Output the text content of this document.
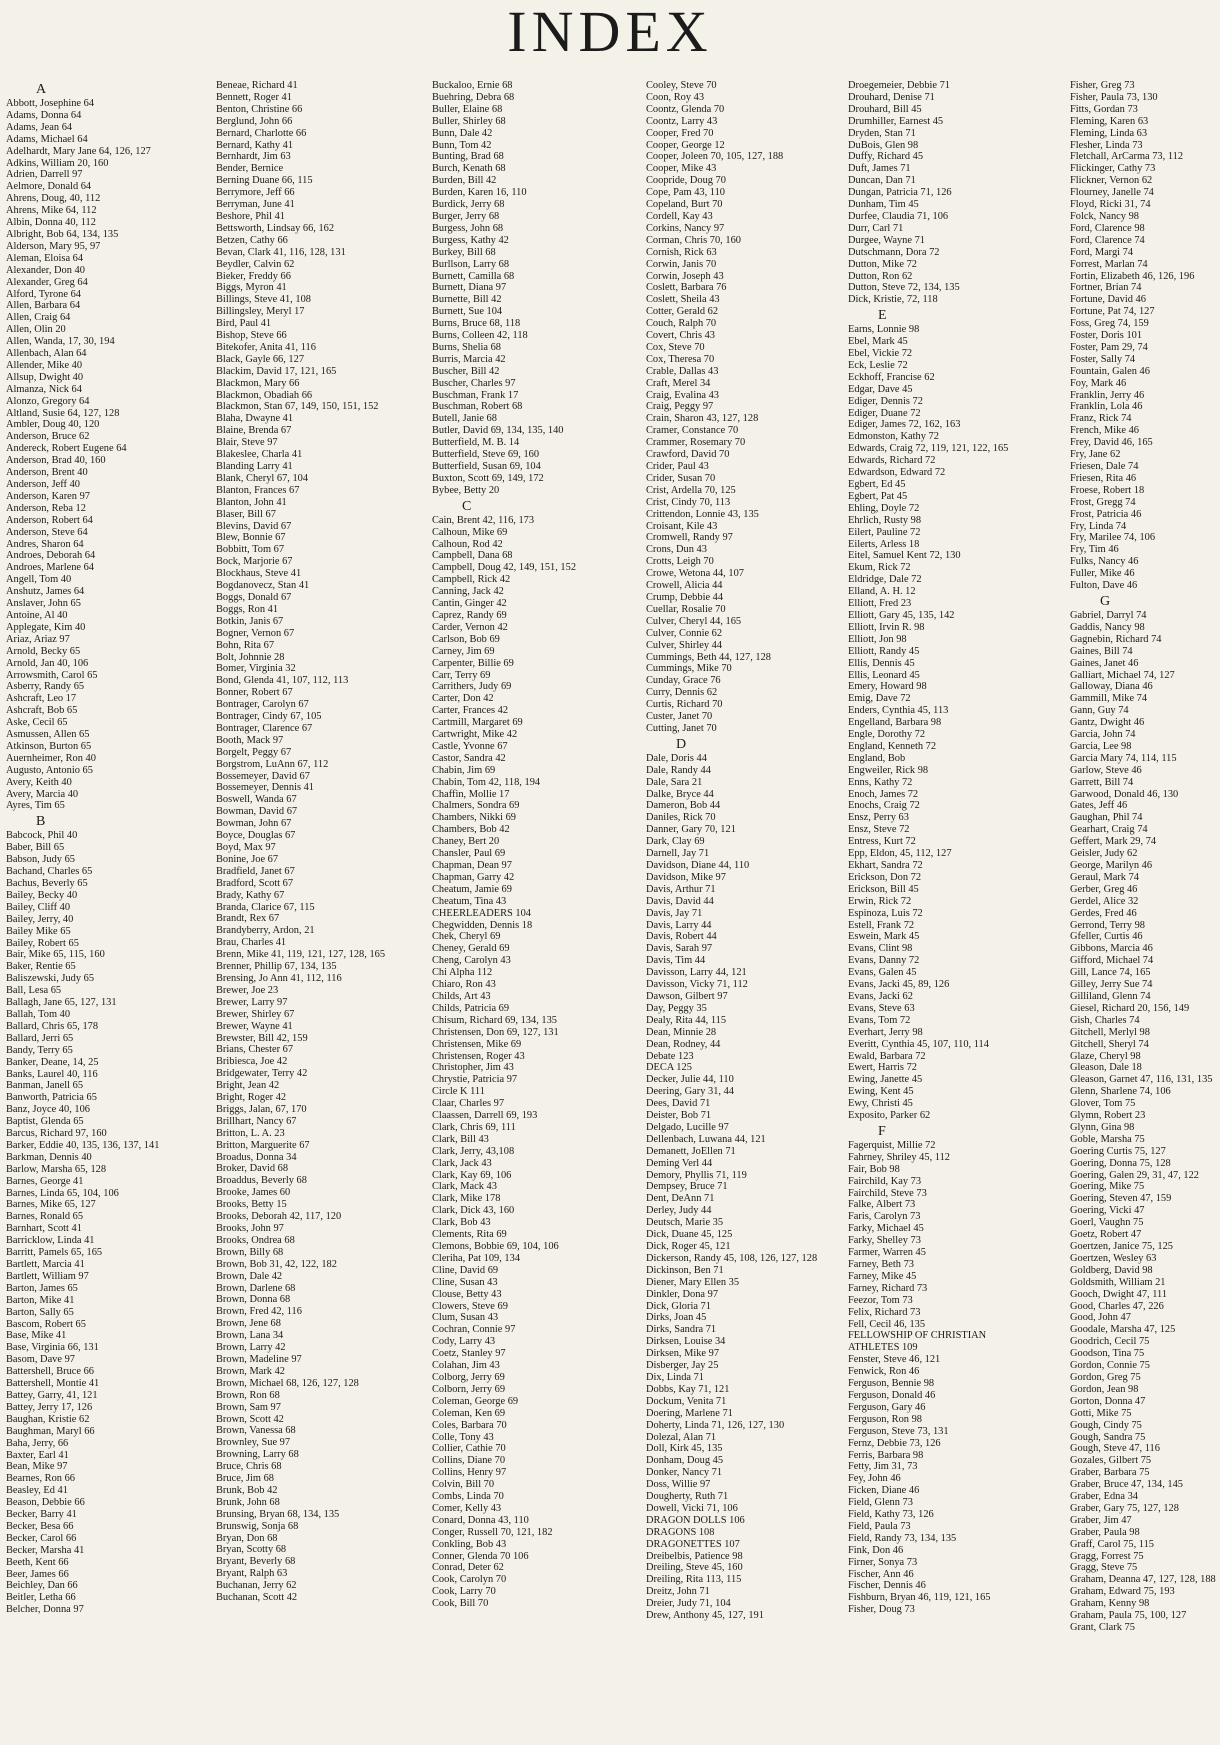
INDEX
A
Abbott, Josephine 64
Adams, Donna 64
Adams, Jean 64
Adams, Michael 64
Adelhardt, Mary Jane 64, 126, 127
Adkins, William 20, 160
Adrien, Darrell 97
Aelmore, Donald 64
Ahrens, Doug, 40, 112
Ahrens, Mike 64, 112
Albin, Donna 40, 112
Albright, Bob 64, 134, 135
Alderson, Mary 95, 97
Aleman, Eloisa 64
Alexander, Don 40
Alexander, Greg 64
Alford, Tyrone 64
Allen, Barbara 64
Allen, Craig 64
Allen, Olin 20
Allen, Wanda, 17, 30, 194
Allenbach, Alan 64
Allender, Mike 40
Allsup, Dwight 40
Almanza, Nick 64
Alonzo, Gregory 64
Altland, Susie 64, 127, 128
Ambler, Doug 40, 120
Anderson, Bruce 62
Andereck, Robert Eugene 64
Anderson, Brad 40, 160
Anderson, Brent 40
Anderson, Jeff 40
Anderson, Karen 97
Anderson, Reba 12
Anderson, Robert 64
Anderson, Steve 64
Andres, Sharon 64
Androes, Deborah 64
Androes, Marlene 64
Angell, Tom 40
Anshutz, James 64
Anslaver, John 65
Antoine, Al 40
Applegate, Kim 40
Ariaz, Ariaz 97
Arnold, Becky 65
Arnold, Jan 40, 106
Arrowsmith, Carol 65
Asberry, Randy 65
Ashcraft, Leo 17
Ashcraft, Bob 65
Aske, Cecil 65
Asmussen, Allen 65
Atkinson, Burton 65
Auernheimer, Ron 40
Augusto, Antonio 65
Avery, Keith 40
Avery, Marcia 40
Ayres, Tim 65
B
Babcock, Phil 40
Baber, Bill 65
Babson, Judy 65
Bachand, Charles 65
Bachus, Beverly 65
Bailey, Becky 40
Bailey, Cliff 40
Bailey, Jerry, 40
Bailey Mike 65
Bailey, Robert 65
Bair, Mike 65, 115, 160
Baker, Rentie 65
Baliszewski, Judy 65
Ball, Lesa 65
Ballagh, Jane 65, 127, 131
Ballah, Tom 40
Ballard, Chris 65, 178
Ballard, Jerri 65
Bandy, Terry 65
Banker, Deane, 14, 25
Banks, Laurel 40, 116
Banman, Janell 65
Banworth, Patricia 65
Banz, Joyce 40, 106
Baptist, Glenda 65
Barcus, Richard 97, 160
Barker, Eddie 40, 135, 136, 137, 141
Barkman, Dennis 40
Barlow, Marsha 65, 128
Barnes, George 41
Barnes, Linda 65, 104, 106
Barnes, Mike 65, 127
Barnes, Ronald 65
Barnhart, Scott 41
Barricklow, Linda 41
Barritt, Pamels 65, 165
Bartlett, Marcia 41
Bartlett, William 97
Barton, James 65
Barton, Mike 41
Barton, Sally 65
Bascom, Robert 65
Base, Mike 41
Base, Virginia 66, 131
Basom, Dave 97
Battershell, Bruce 66
Battershell, Montie 41
Battey, Garry, 41, 121
Battey, Jerry 17, 126
Baughan, Kristie 62
Baughman, Maryl 66
Baha, Jerry, 66
Baxter, Earl 41
Bean, Mike 97
Bearnes, Ron 66
Beasley, Ed 41
Beason, Debbie 66
Becker, Barry 41
Becker, Besa 66
Becker, Carol 66
Becker, Marsha 41
Beeth, Kent 66
Beer, James 66
Beichley, Dan 66
Beitler, Letha 66
Belcher, Donna 97
Beneae, Richard 41
Bennett, Roger 41
Benton, Christine 66
Berglund, John 66
Bernard, Charlotte 66
Bernard, Kathy 41
Bernhardt, Jim 63
Bender, Bernice
Berning Duane 66, 115
Berrymore, Jeff 66
Berryman, June 41
Beshore, Phil 41
Bettsworth, Lindsay 66, 162
Betzen, Cathy 66
Bevan, Clark 41, 116, 128, 131
Beydler, Calvin 62
Bieker, Freddy 66
Biggs, Myron 41
Billings, Steve 41, 108
Billingsley, Meryl 17
Bird, Paul 41
Bishop, Steve 66
Bitekofer, Anita 41, 116
Black, Gayle 66, 127
Blackim, David 17, 121, 165
Blackmon, Mary 66
Blackmon, Obadiah 66
Blackmon, Stan 67, 149, 150, 151, 152
Blaha, Dwayne 41
Blaine, Brenda 67
Blair, Steve 97
Blakeslee, Charla 41
Blanding Larry 41
Blank, Cheryl 67, 104
Blanton, Frances 67
Blanton, John 41
Blaser, Bill 67
Blevins, David 67
Blew, Bonnie 67
Bobbitt, Tom 67
Bock, Marjorie 67
Blockhaus, Steve 41
Bogdanovecz, Stan 41
Boggs, Donald 67
Boggs, Ron 41
Botkin, Janis 67
Bogner, Vernon 67
Bohn, Rita 67
Bolt, Johnnie 28
Bomer, Virginia 32
Bond, Glenda 41, 107, 112, 113
Bonner, Robert 67
Bontrager, Carolyn 67
Bontrager, Cindy 67, 105
Bontrager, Clarence 67
Booth, Mack 97
Borgelt, Peggy 67
Borgstrom, LuAnn 67, 112
Bossemeyer, David 67
Bossemeyer, Dennis 41
Boswell, Wanda 67
Bowman, David 67
Bowman, John 67
Boyce, Douglas 67
Boyd, Max 97
Bonine, Joe 67
Bradfield, Janet 67
Bradford, Scott 67
Brady, Kathy 67
Branda, Clarice 67, 115
Brandt, Rex 67
Brandyberry, Ardon, 21
Brau, Charles 41
Brenn, Mike 41, 119, 121, 127, 128, 165
Brenner, Phillip 67, 134, 135
Brensing, Jo Ann 41, 112, 116
Brewer, Joe 23
Brewer, Larry 97
Brewer, Shirley 67
Brewer, Wayne 41
Brewster, Bill 42, 159
Brians, Chester 67
Bribiesca, Joe 42
Bridgewater, Terry 42
Bright, Jean 42
Bright, Roger 42
Briggs, Jalan, 67, 170
Brillhart, Nancy 67
Britton, L. A. 23
Britton, Marguerite 67
Broadus, Donna 34
Broker, David 68
Broaddus, Beverly 68
Brooke, James 60
Brooks, Betty 15
Brooks, Deborah 42, 117, 120
Brooks, John 97
Brooks, Ondrea 68
Brown, Billy 68
Brown, Bob 31, 42, 122, 182
Brown, Dale 42
Brown, Darlene 68
Brown, Donna 68
Brown, Fred 42, 116
Brown, Jene 68
Brown, Lana 34
Brown, Larry 42
Brown, Madeline 97
Brown, Mark 42
Brown, Michael 68, 126, 127, 128
Brown, Ron 68
Brown, Sam 97
Brown, Scott 42
Brown, Vanessa 68
Brownley, Sue 97
Browning, Larry 68
Bruce, Chris 68
Bruce, Jim 68
Brunk, Bob 42
Brunk, John 68
Brunsing, Bryan 68, 134, 135
Brunswig, Sonja 68
Bryan, Don 68
Bryan, Scotty 68
Bryant, Beverly 68
Bryant, Ralph 63
Buchanan, Jerry 62
Buchanan, Scott 42
Buckaloo, Ernie 68
Buehring, Debra 68
Buller, Elaine 68
Buller, Shirley 68
Bunn, Dale 42
Bunn, Tom 42
Bunting, Brad 68
Burch, Kenath 68
Burden, Bill 42
Burden, Karen 16, 110
Burdick, Jerry 68
Burger, Jerry 68
Burgess, John 68
Burgess, Kathy 42
Burkey, Bill 68
Burllson, Larry 68
Burnett, Camilla 68
Burnett, Diana 97
Burnette, Bill 42
Burnett, Sue 104
Burns, Bruce 68, 118
Burns, Colleen 42, 118
Burns, Shelia 68
Burris, Marcia 42
Buscher, Bill 42
Buscher, Charles 97
Buschman, Frank 17
Buschman, Robert 68
Butell, Janie 68
Butler, David 69, 134, 135, 140
Butterfield, M. B. 14
Butterfield, Steve 69, 160
Butterfield, Susan 69, 104
Buxton, Scott 69, 149, 172
Bybee, Betty 20
C
Cain, Brent 42, 116, 173
Calhoun, Mike 69
Calhoun, Rod 42
Campbell, Dana 68
Campbell, Doug 42, 149, 151, 152
Campbell, Rick 42
Canning, Jack 42
Cantin, Ginger 42
Caprez, Randy 69
Carder, Vernon 42
Carlson, Bob 69
Carney, Jim 69
Carpenter, Billie 69
Carr, Terry 69
Carrithers, Judy 69
Carter, Don 42
Carter, Frances 42
Cartmill, Margaret 69
Cartwright, Mike 42
Castle, Yvonne 67
Castor, Sandra 42
Chabin, Jim 69
Chabin, Tom 42, 118, 194
Chaffin, Mollie 17
Chalmers, Sondra 69
Chambers, Nikki 69
Chambers, Bob 42
Chaney, Bert 20
Chansler, Paul 69
Chapman, Dean 97
Chapman, Garry 42
Cheatum, Jamie 69
Cheatum, Tina 43
CHEERLEADERS 104
Chegwidden, Dennis 18
Chek, Cheryl 69
Cheney, Gerald 69
Cheng, Carolyn 43
Chi Alpha 112
Chiaro, Ron 43
Childs, Art 43
Childs, Patricia 69
Chisum, Richard 69, 134, 135
Christensen, Don 69, 127, 131
Christensen, Mike 69
Christensen, Roger 43
Christopher, Jim 43
Chrystie, Patricia 97
Circle K 111
Claar, Charles 97
Claassen, Darrell 69, 193
Clark, Chris 69, 111
Clark, Bill 43
Clark, Jerry, 43,108
Clark, Jack 43
Clark, Kay 69, 106
Clark, Mack 43
Clark, Mike 178
Clark, Dick 43, 160
Clark, Bob 43
Clements, Rita 69
Clemons, Bobbie 69, 104, 106
Cleriha, Pat 109, 134
Cline, David 69
Cline, Susan 43
Clouse, Betty 43
Clowers, Steve 69
Clum, Susan 43
Cochran, Connie 97
Cody, Larry 43
Coetz, Stanley 97
Colahan, Jim 43
Colborg, Jerry 69
Colborn, Jerry 69
Coleman, George 69
Coleman, Ken 69
Coles, Barbara 70
Colle, Tony 43
Collier, Cathie 70
Collins, Diane 70
Collins, Henry 97
Colvin, Bill 70
Combs, Linda 70
Comer, Kelly 43
Conard, Donna 43, 110
Conger, Russell 70, 121, 182
Conkling, Bob 43
Conner, Glenda 70 106
Conrad, Deter 62
Cook, Carolyn 70
Cook, Larry 70
Cook, Bill 70
Cooley, Steve 70
Coon, Roy 43
Coontz, Glenda 70
Coontz, Larry 43
Cooper, Fred 70
Cooper, George 12
Cooper, Joleen 70, 105, 127, 188
Cooper, Mike 43
Coopride, Doug 70
Cope, Pam 43, 110
Copeland, Burt 70
Cordell, Kay 43
Corkins, Nancy 97
Corman, Chris 70, 160
Cornish, Rick 63
Corwin, Janis 70
Corwin, Joseph 43
Coslett, Barbara 76
Coslett, Sheila 43
Cotter, Gerald 62
Couch, Ralph 70
Covert, Chris 43
Cox, Steve 70
Cox, Theresa 70
Crable, Dallas 43
Craft, Merel 34
Craig, Evalina 43
Craig, Peggy 97
Crain, Sharon 43, 127, 128
Cramer, Constance 70
Crammer, Rosemary 70
Crawford, David 70
Crider, Paul 43
Crider, Susan 70
Crist, Ardella 70, 125
Crist, Cindy 70, 113
Crittendon, Lonnie 43, 135
Croisant, Kile 43
Cromwell, Randy 97
Crons, Dun 43
Crotts, Leigh 70
Crowe, Wetona 44, 107
Crowell, Alicia 44
Crump, Debbie 44
Cuellar, Rosalie 70
Culver, Cheryl 44, 165
Culver, Connie 62
Culver, Shirley 44
Cummings, Beth 44, 127, 128
Cummings, Mike 70
Cunday, Grace 76
Curry, Dennis 62
Curtis, Richard 70
Custer, Janet 70
Cutting, Janet 70
D
Dale, Doris 44
Dale, Randy 44
Dale, Sara 21
Dalke, Bryce 44
Dameron, Bob 44
Daniles, Rick 70
Danner, Gary 70, 121
Dark, Clay 69
Darnell, Jay 71
Davidson, Diane 44, 110
Davidson, Mike 97
Davis, Arthur 71
Davis, David 44
Davis, Jay 71
Davis, Larry 44
Davis, Robert 44
Davis, Sarah 97
Davis, Tim 44
Davisson, Larry 44, 121
Davisson, Vicky 71, 112
Dawson, Gilbert 97
Day, Peggy 35
Dealy, Rita 44, 115
Dean, Minnie 28
Dean, Rodney, 44
Debate 123
DECA 125
Decker, Julie 44, 110
Deering, Gary 31, 44
Dees, David 71
Deister, Bob 71
Delgado, Lucille 97
Dellenbach, Luwana 44, 121
Demanett, JoEllen 71
Deming Verl 44
Demory, Phyllis 71, 119
Dempsey, Bruce 71
Dent, DeAnn 71
Derley, Judy 44
Deutsch, Marie 35
Dick, Duane 45, 125
Dick, Roger 45, 121
Dickerson, Randy 45, 108, 126, 127, 128
Dickinson, Ben 71
Diener, Mary Ellen 35
Dinkler, Dona 97
Dick, Gloria 71
Dirks, Joan 45
Dirks, Sandra 71
Dirksen, Louise 34
Dirksen, Mike 97
Disberger, Jay 25
Dix, Linda 71
Dobbs, Kay 71, 121
Dockum, Venita 71
Doering, Marlene 71
Doherty, Linda 71, 126, 127, 130
Dolezal, Alan 71
Doll, Kirk 45, 135
Donham, Doug 45
Donker, Nancy 71
Doss, Willie 97
Dougherty, Ruth 71
Dowell, Vicki 71, 106
DRAGON DOLLS 106
DRAGONS 108
DRAGONETTES 107
Dreibelbis, Patience 98
Dreiling, Steve 45, 160
Dreiling, Rita 113, 115
Dreitz, John 71
Dreier, Judy 71, 104
Drew, Anthony 45, 127, 191
Droegemeier, Debbie 71
Drouhard, Denise 71
Drouhard, Bill 45
Drumhiller, Earnest 45
Dryden, Stan 71
DuBois, Glen 98
Duffy, Richard 45
Duft, James 71
Duncan, Dan 71
Dungan, Patricia 71, 126
Dunham, Tim 45
Durfee, Claudia 71, 106
Durr, Carl 71
Durgee, Wayne 71
Dutschmann, Dora 72
Dutton, Mike 72
Dutton, Ron 62
Dutton, Steve 72, 134, 135
Dick, Kristie, 72, 118
E
Earns, Lonnie 98
Ebel, Mark 45
Ebel, Vickie 72
Eck, Leslie 72
Eckhoff, Francise 62
Edgar, Dave 45
Ediger, Dennis 72
Ediger, Duane 72
Ediger, James 72, 162, 163
Edmonston, Kathy 72
Edwards, Craig 72, 119, 121, 122, 165
Edwards, Richard 72
Edwardson, Edward 72
Egbert, Ed 45
Egbert, Pat 45
Ehling, Doyle 72
Ehrlich, Rusty 98
Eilert, Pauline 72
Eilerts, Arless 18
Eitel, Samuel Kent 72, 130
Ekum, Rick 72
Eldridge, Dale 72
Elland, A. H. 12
Elliott, Fred 23
Elliott, Gary 45, 135, 142
Elliott, Irvin R. 98
Elliott, Jon 98
Elliott, Randy 45
Ellis, Dennis 45
Ellis, Leonard 45
Emery, Howard 98
Emig, Dave 72
Enders, Cynthia 45, 113
Engelland, Barbara 98
Engle, Dorothy 72
England, Kenneth 72
England, Bob
Engweiler, Rick 98
Enns, Kathy 72
Enoch, James 72
Enochs, Craig 72
Ensz, Perry 63
Ensz, Steve 72
Entress, Kurt 72
Epp, Eldon, 45, 112, 127
Ekhart, Sandra 72
Erickson, Don 72
Erickson, Bill 45
Erwin, Rick 72
Espinoza, Luis 72
Estell, Frank 72
Eswein, Mark 45
Evans, Clint 98
Evans, Danny 72
Evans, Galen 45
Evans, Jacki 45, 89, 126
Evans, Jacki 62
Evans, Steve 63
Evans, Tom 72
Everhart, Jerry 98
Everitt, Cynthia 45, 107, 110, 114
Ewald, Barbara 72
Ewert, Harris 72
Ewing, Janette 45
Ewing, Kent 45
Ewy, Christi 45
Exposito, Parker 62
F
Fagerquist, Millie 72
Fahrney, Shriley 45, 112
Fair, Bob 98
Fairchild, Kay 73
Fairchild, Steve 73
Falke, Albert 73
Faris, Carolyn 73
Farky, Michael 45
Farky, Shelley 73
Farmer, Warren 45
Farney, Beth 73
Farney, Mike 45
Farney, Richard 73
Feezor, Tom 73
Felix, Richard 73
Fell, Cecil 46, 135
FELLOWSHIP OF CHRISTIAN
ATHLETES 109
Fenster, Steve 46, 121
Fenwick, Ron 46
Ferguson, Bennie 98
Ferguson, Donald 46
Ferguson, Gary 46
Ferguson, Ron 98
Ferguson, Steve 73, 131
Fernz, Debbie 73, 126
Ferris, Barbara 98
Fetty, Jim 31, 73
Fey, John 46
Ficken, Diane 46
Field, Glenn 73
Field, Kathy 73, 126
Field, Paula 73
Field, Randy 73, 134, 135
Fink, Don 46
Firner, Sonya 73
Fischer, Ann 46
Fischer, Dennis 46
Fishburn, Bryan 46, 119, 121, 165
Fisher, Doug 73
Fisher, Greg 73
Fisher, Paula 73, 130
Fitts, Gordan 73
Fleming, Karen 63
Fleming, Linda 63
Flesher, Linda 73
Fletchall, ArCarma 73, 112
Flickinger, Cathy 73
Flickner, Vernon 62
Flourney, Janelle 74
Floyd, Ricki 31, 74
Folck, Nancy 98
Ford, Clarence 98
Ford, Clarence 74
Ford, Margi 74
Forrest, Marlan 74
Fortin, Elizabeth 46, 126, 196
Fortner, Brian 74
Fortune, David 46
Fortune, Pat 74, 127
Foss, Greg 74, 159
Foster, Doris 101
Foster, Pam 29, 74
Foster, Sally 74
Fountain, Galen 46
Foy, Mark 46
Franklin, Jerry 46
Franklin, Lola 46
Franz, Rick 74
French, Mike 46
Frey, David 46, 165
Fry, Jane 62
Friesen, Dale 74
Friesen, Rita 46
Froese, Robert 18
Frost, Gregg 74
Frost, Patricia 46
Fry, Linda 74
Fry, Marilee 74, 106
Fry, Tim 46
Fulks, Nancy 46
Fuller, Mike 46
Fulton, Dave 46
G
Gabriel, Darryl 74
Gaddis, Nancy 98
Gagnebin, Richard 74
Gaines, Bill 74
Gaines, Janet 46
Galliart, Michael 74, 127
Galloway, Diana 46
Gammill, Mike 74
Gann, Guy 74
Gantz, Dwight 46
Garcia, John 74
Garcia, Lee 98
Garcia Mary 74, 114, 115
Garlow, Steve 46
Garrett, Bill 74
Garwood, Donald 46, 130
Gates, Jeff 46
Gaughan, Phil 74
Gearhart, Craig 74
Geffert, Mark 29, 74
Geisler, Judy 62
George, Marilyn 46
Geraul, Mark 74
Gerber, Greg 46
Gerdel, Alice 32
Gerdes, Fred 46
Gerrond, Terry 98
Gfeller, Curtis 46
Gibbons, Marcia 46
Gifford, Michael 74
Gill, Lance 74, 165
Gilley, Jerry Sue 74
Gilliland, Glenn 74
Giesel, Richard 20, 156, 149
Gish, Charles 74
Gitchell, Merlyl 98
Gitchell, Sheryl 74
Glaze, Cheryl 98
Gleason, Dale 18
Gleason, Garnet 47, 116, 131, 135
Glenn, Sharlene 74, 106
Glover, Tom 75
Glymn, Robert 23
Glynn, Gina 98
Goble, Marsha 75
Goering Curtis 75, 127
Goering, Donna 75, 128
Goering, Galen 29, 31, 47, 122
Goering, Mike 75
Goering, Steven 47, 159
Goering, Vicki 47
Goerl, Vaughn 75
Goetz, Robert 47
Goertzen, Janice 75, 125
Goertzen, Wesley 63
Goldberg, David 98
Goldsmith, William 21
Gooch, Dwight 47, 111
Good, Charles 47, 226
Good, John 47
Goodale, Marsha 47, 125
Goodrich, Cecil 75
Goodson, Tina 75
Gordon, Connie 75
Gordon, Greg 75
Gordon, Jean 98
Gorton, Donna 47
Gotti, Mike 75
Gough, Cindy 75
Gough, Sandra 75
Gough, Steve 47, 116
Gozales, Gilbert 75
Graber, Barbara 75
Graber, Bruce 47, 134, 145
Graber, Edna 34
Graber, Gary 75, 127, 128
Graber, Jim 47
Graber, Paula 98
Graff, Carol 75, 115
Gragg, Forrest 75
Gragg, Steve 75
Graham, Deanna 47, 127, 128, 188
Graham, Edward 75, 193
Graham, Kenny 98
Graham, Paula 75, 100, 127
Grant, Clark 75
